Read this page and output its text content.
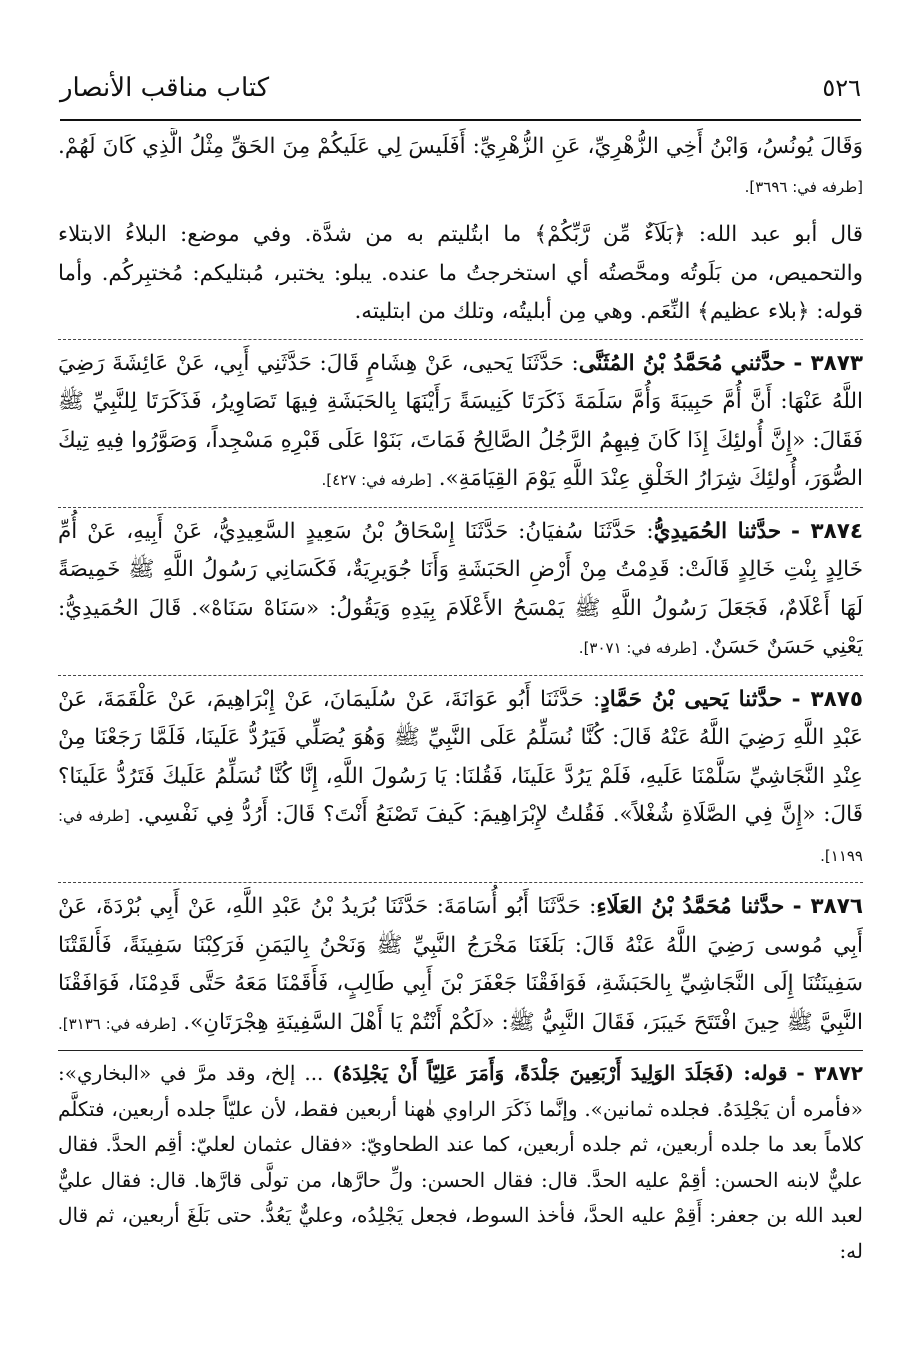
٥٢٦
كتاب مناقب الأنصار

وَقَالَ يُونُسُ، وَابْنُ أَخِي الزُّهْرِيِّ، عَنِ الزُّهْرِيِّ: أَفَلَيسَ لِي عَلَيكُمْ مِنَ الحَقِّ مِثْلُ الَّذِي كَانَ لَهُمْ. [طرفه في: ٣٦٩٦].

قال أبو عبد الله: ﴿بَلَآءٌ مِّن رَّبِّكُمْ﴾ ما ابتُليتم به من شدَّة. وفي موضع: البلاءُ الابتلاء والتحميص، من بَلَوتُه ومحَّصتُه أي استخرجتُ ما عنده. يبلو: يختبر، مُبتليكم: مُختبِركُم. وأما قوله: ﴿بلاء عظيم﴾ النِّعَم. وهي مِن أبليتُه، وتلك من ابتليته.

٣٨٧٣ - حدَّثني مُحَمَّدُ بْنُ المُثَنَّى: حَدَّثَنَا يَحيى، عَنْ هِشَامٍ قَالَ: حَدَّثَنِي أَبِي، عَنْ عَائِشَةَ رَضِيَ اللَّهُ عَنْهَا: أَنَّ أُمَّ حَبِيبَةَ وَأُمَّ سَلَمَةَ ذَكَرَتَا كَنِيسَةً رَأَيْنَهَا بِالحَبَشَةِ فِيهَا تَصَاوِيرُ، فَذَكَرَتَا لِلنَّبِيِّ ﷺ فَقَالَ: «إِنَّ أُولئِكَ إِذَا كَانَ فِيهِمُ الرَّجُلُ الصَّالِحُ فَمَاتَ، بَنَوْا عَلَى قَبْرِهِ مَسْجِداً، وَصَوَّرُوا فِيهِ تِيكَ الصُّوَرَ، أُولئِكَ شِرَارُ الخَلْقِ عِنْدَ اللَّهِ يَوْمَ القِيَامَةِ». [طرفه في: ٤٢٧].

٣٨٧٤ - حدَّثنا الحُمَيدِيُّ: حَدَّثَنَا سُفيَانُ: حَدَّثَنَا إِسْحَاقُ بْنُ سَعِيدٍ السَّعِيدِيُّ، عَنْ أَبِيهِ، عَنْ أُمِّ خَالِدٍ بِنْتِ خَالِدٍ قَالَتْ: قَدِمْتُ مِنْ أَرْضِ الحَبَشَةِ وَأَنَا جُوَيرِيَةٌ، فَكَسَانِي رَسُولُ اللَّهِ ﷺ خَمِيصَةً لَهَا أَعْلَامٌ، فَجَعَلَ رَسُولُ اللَّهِ ﷺ يَمْسَحُ الأَعْلَامَ بِيَدِهِ وَيَقُولُ: «سَنَاهْ سَنَاهْ». قَالَ الحُمَيدِيُّ: يَعْنِي حَسَنٌ حَسَنٌ. [طرفه في: ٣٠٧١].

٣٨٧٥ - حدَّثنا يَحيى بْنُ حَمَّادٍ: حَدَّثَنَا أَبُو عَوَانَةَ، عَنْ سُلَيمَانَ، عَنْ إِبْرَاهِيمَ، عَنْ عَلْقَمَةَ، عَنْ عَبْدِ اللَّهِ رَضِيَ اللَّهُ عَنْهُ قَالَ: كُنَّا نُسَلِّمُ عَلَى النَّبِيِّ ﷺ وَهُوَ يُصَلِّي فَيَرُدُّ عَلَينَا، فَلَمَّا رَجَعْنَا مِنْ عِنْدِ النَّجَاشِيِّ سَلَّمْنَا عَلَيهِ، فَلَمْ يَرُدَّ عَلَينَا، فَقُلنَا: يَا رَسُولَ اللَّهِ، إِنَّا كُنَّا نُسَلِّمُ عَلَيكَ فَتَرُدُّ عَلَينَا؟ قَالَ: «إِنَّ فِي الصَّلَاةِ شُغْلاً». فَقُلتُ لإِبْرَاهِيمَ: كَيفَ تَصْنَعُ أَنْتَ؟ قَالَ: أَرُدُّ فِي نَفْسِي. [طرفه في: ١١٩٩].

٣٨٧٦ - حدَّثنا مُحَمَّدُ بْنُ العَلَاءِ: حَدَّثَنَا أَبُو أُسَامَةَ: حَدَّثَنَا بُرَيدُ بْنُ عَبْدِ اللَّهِ، عَنْ أَبِي بُرْدَةَ، عَنْ أَبِي مُوسى رَضِيَ اللَّهُ عَنْهُ قَالَ: بَلَغَنَا مَخْرَجُ النَّبِيِّ ﷺ وَنَحْنُ بِاليَمَنِ فَرَكِبْنَا سَفِينَةً، فَأَلقَتْنَا سَفِينَتُنَا إِلَى النَّجَاشِيِّ بِالحَبَشَةِ، فَوَافَقْنَا جَعْفَرَ بْنَ أَبِي طَالِبٍ، فَأَقَمْنَا مَعَهُ حَتَّى قَدِمْنَا، فَوَافَقْنَا النَّبِيَّ ﷺ حِينَ افْتَتَحَ خَيبَرَ، فَقَالَ النَّبِيُّ ﷺ: «لَكُمْ أَنْتُمْ يَا أَهْلَ السَّفِينَةِ هِجْرَتَانِ». [طرفه في: ٣١٣٦].

٣٨٧٢ - قوله: (فَجَلَدَ الوَلِيدَ أَرْبَعِينَ جَلْدَةً، وَأَمَرَ عَلِيّاً أَنْ يَجْلِدَهُ) ... إلخ، وقد مرَّ في «البخاري»: «فأمره أن يَجْلِدَهُ. فجلده ثمانين». وإنَّما ذَكَرَ الراوي هٰهنا أربعين فقط، لأن عليّاً جلده أربعين، فتكلَّم كلاماً بعد ما جلده أربعين، ثم جلده أربعين، كما عند الطحاويّ: «فقال عثمان لعليّ: أقِم الحدَّ. فقال عليٌّ لابنه الحسن: أقِمْ عليه الحدَّ. قال: فقال الحسن: ولِّ حارَّها، من تولَّى قارَّها. قال: فقال عليٌّ لعبد الله بن جعفر: أَقِمْ عليه الحدَّ، فأخذ السوط، فجعل يَجْلِدُه، وعليٌّ يَعُدُّ. حتى بَلَغَ أربعين، ثم قال له:
